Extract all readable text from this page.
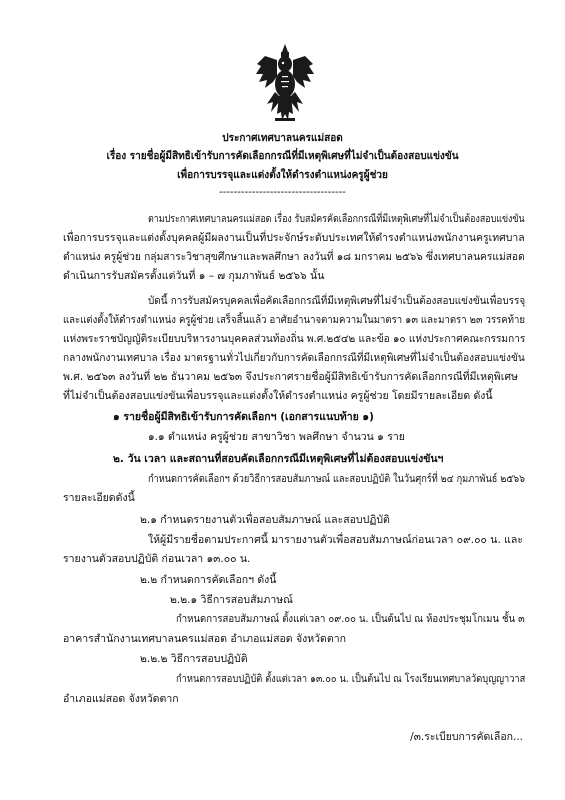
ประกาศเทศบาลนครแม่สอด
เรื่อง รายชื่อผู้มีสิทธิเข้ารับการคัดเลือกกรณีที่มีเหตุพิเศษที่ไม่จำเป็นต้องสอบแข่งขัน
เพื่อการบรรจุและแต่งตั้งให้ดำรงตำแหน่งครูผู้ช่วย
-----------------------------------
ตามประกาศเทศบาลนครแม่สอด เรื่อง รับสมัครคัดเลือกกรณีที่มีเหตุพิเศษที่ไม่จำเป็นต้องสอบแข่งขัน
เพื่อการบรรจุและแต่งตั้งบุคคลผู้มีผลงานเป็นที่ประจักษ์ระดับประเทศให้ดำรงตำแหน่งพนักงานครูเทศบาล
ตำแหน่ง ครูผู้ช่วย กลุ่มสาระวิชาสุขศึกษาและพลศึกษา ลงวันที่ ๑๘ มกราคม ๒๕๖๖ ซึ่งเทศบาลนครแม่สอด
ดำเนินการรับสมัครตั้งแต่วันที่ ๑ – ๗ กุมภาพันธ์ ๒๕๖๖ นั้น
บัดนี้ การรับสมัครบุคคลเพื่อคัดเลือกกรณีที่มีเหตุพิเศษที่ไม่จำเป็นต้องสอบแข่งขันเพื่อบรรจุ
และแต่งตั้งให้ดำรงตำแหน่ง ครูผู้ช่วย เสร็จสิ้นแล้ว อาศัยอำนาจตามความในมาตรา ๑๓ และมาตรา ๒๓ วรรคท้าย
แห่งพระราชบัญญัติระเบียบบริหารงานบุคคลส่วนท้องถิ่น พ.ศ.๒๕๔๒ และข้อ ๑๐ แห่งประกาศคณะกรรมการ
กลางพนักงานเทศบาล เรื่อง มาตรฐานทั่วไปเกี่ยวกับการคัดเลือกกรณีที่มีเหตุพิเศษที่ไม่จำเป็นต้องสอบแข่งขัน
พ.ศ. ๒๕๖๓ ลงวันที่ ๒๒ ธันวาคม ๒๕๖๓ จึงประกาศรายชื่อผู้มีสิทธิเข้ารับการคัดเลือกกรณีที่มีเหตุพิเศษ
ที่ไม่จำเป็นต้องสอบแข่งขันเพื่อบรรจุและแต่งตั้งให้ดำรงตำแหน่ง ครูผู้ช่วย โดยมีรายละเอียด ดังนี้
๑ รายชื่อผู้มีสิทธิเข้ารับการคัดเลือกฯ (เอกสารแนบท้าย ๑)
๑.๑ ตำแหน่ง ครูผู้ช่วย สาขาวิชา พลศึกษา จำนวน ๑ ราย
๒. วัน เวลา และสถานที่สอบคัดเลือกกรณีมีเหตุพิเศษที่ไม่ต้องสอบแข่งขันฯ
กำหนดการคัดเลือกฯ ด้วยวิธีการสอบสัมภาษณ์ และสอบปฏิบัติ ในวันศุกร์ที่ ๒๔ กุมภาพันธ์ ๒๕๖๖
รายละเอียดดังนี้
๒.๑ กำหนดรายงานตัวเพื่อสอบสัมภาษณ์ และสอบปฏิบัติ
ให้ผู้มีรายชื่อตามประกาศนี้ มารายงานตัวเพื่อสอบสัมภาษณ์ก่อนเวลา ๐๙.๐๐ น. และ
รายงานตัวสอบปฏิบัติ ก่อนเวลา ๑๓.๐๐ น.
๒.๒ กำหนดการคัดเลือกฯ ดังนี้
๒.๒.๑ วิธีการสอบสัมภาษณ์
กำหนดการสอบสัมภาษณ์ ตั้งแต่เวลา ๐๙.๐๐ น. เป็นต้นไป ณ ห้องประชุมโกเมน ชั้น ๓
อาคารสำนักงานเทศบาลนครแม่สอด อำเภอแม่สอด จังหวัดตาก
๒.๒.๒ วิธีการสอบปฏิบัติ
กำหนดการสอบปฏิบัติ ตั้งแต่เวลา ๑๓.๐๐ น. เป็นต้นไป ณ โรงเรียนเทศบาลวัดบุญญาวาส
อำเภอแม่สอด จังหวัดตาก
/๓.ระเบียบการคัดเลือก...
